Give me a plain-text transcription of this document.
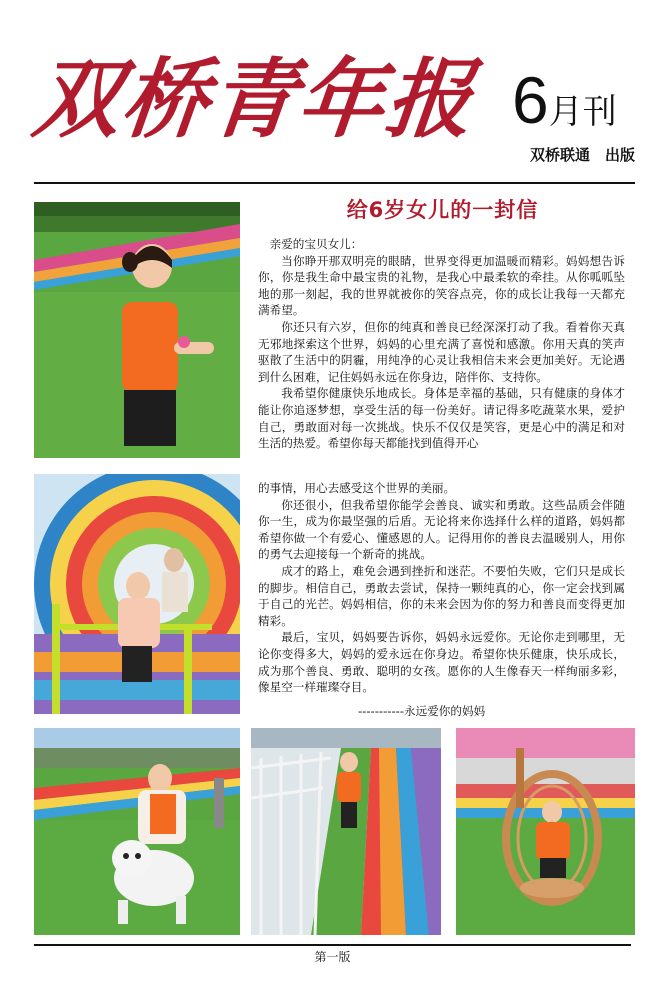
双桥青年报 6月刊
双桥联通　出版
给6岁女儿的一封信

亲爱的宝贝女儿：

当你睁开那双明亮的眼睛，世界变得更加温暖而精彩。妈妈想告诉你，你是我生命中最宝贵的礼物，是我心中最柔软的牵挂。从你呱呱坠地的那一刻起，我的世界就被你的笑容点亮，你的成长让我每一天都充满希望。

你还只有六岁，但你的纯真和善良已经深深打动了我。看着你天真无邪地探索这个世界，妈妈的心里充满了喜悦和感激。你用天真的笑声驱散了生活中的阴霾，用纯净的心灵让我相信未来会更加美好。无论遇到什么困难，记住妈妈永远在你身边，陪伴你、支持你。

我希望你健康快乐地成长。身体是幸福的基础，只有健康的身体才能让你追逐梦想，享受生活的每一份美好。请记得多吃蔬菜水果，爱护自己，勇敢面对每一次挑战。快乐不仅仅是笑容，更是心中的满足和对生活的热爱。希望你每天都能找到值得开心

的事情，用心去感受这个世界的美丽。

你还很小，但我希望你能学会善良、诚实和勇敢。这些品质会伴随你一生，成为你最坚强的后盾。无论将来你选择什么样的道路，妈妈都希望你做一个有爱心、懂感恩的人。记得用你的善良去温暖别人，用你的勇气去迎接每一个新奇的挑战。

成才的路上，难免会遇到挫折和迷茫。不要怕失败，它们只是成长的脚步。相信自己，勇敢去尝试，保持一颗纯真的心，你一定会找到属于自己的光芒。妈妈相信，你的未来会因为你的努力和善良而变得更加精彩。

最后，宝贝，妈妈要告诉你，妈妈永远爱你。无论你走到哪里，无论你变得多大，妈妈的爱永远在你身边。希望你快乐健康，快乐成长，成为那个善良、勇敢、聪明的女孩。愿你的人生像春天一样绚丽多彩，像星空一样璀璨夺目。

-----------永远爱你的妈妈
第一版
